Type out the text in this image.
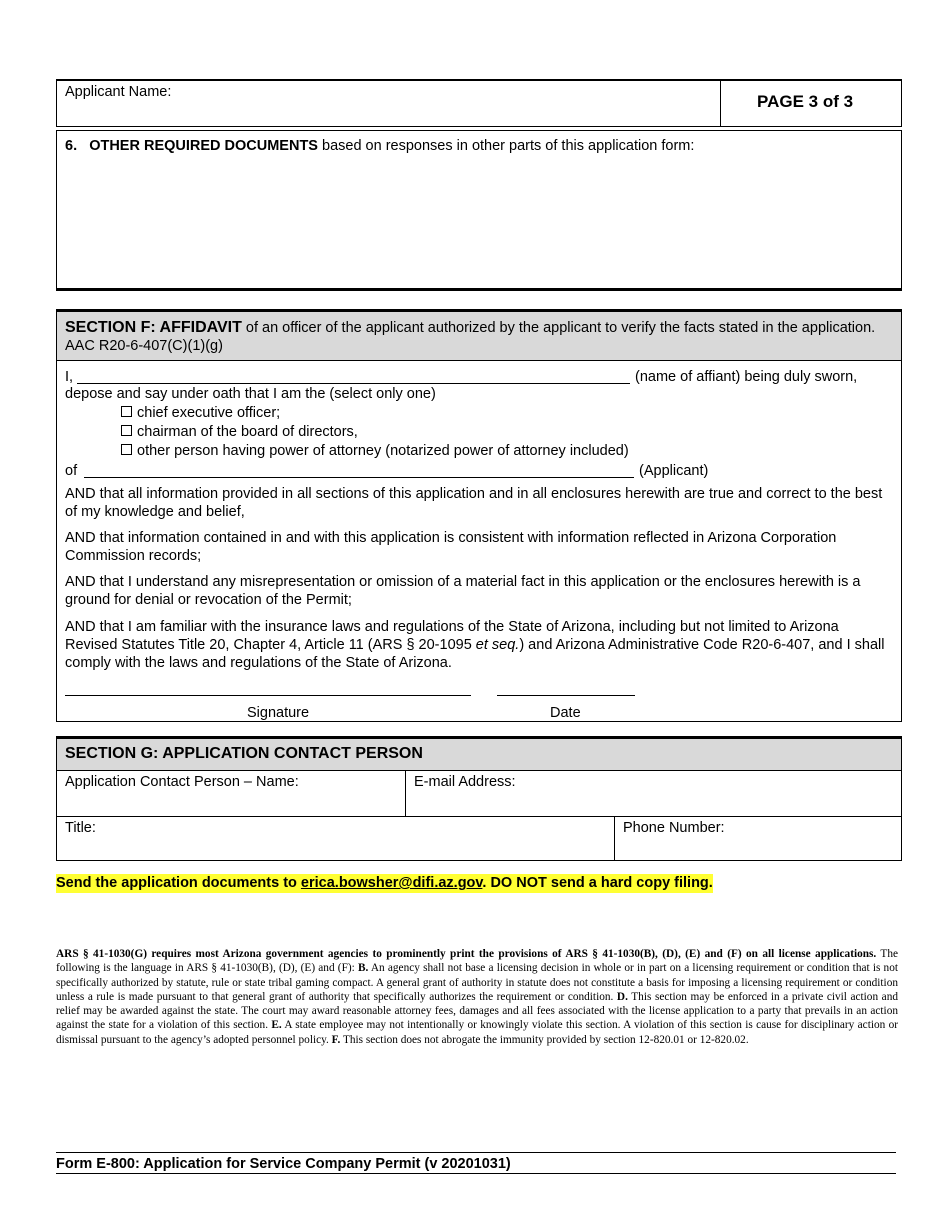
Applicant Name:	PAGE 3 of 3
6. OTHER REQUIRED DOCUMENTS based on responses in other parts of this application form:
SECTION F: AFFIDAVIT of an officer of the applicant authorized by the applicant to verify the facts stated in the application. AAC R20-6-407(C)(1)(g)
I,	(name of affiant) being duly sworn,
depose and say under oath that I am the (select only one)
chief executive officer;
chairman of the board of directors,
other person having power of attorney (notarized power of attorney included)
of	(Applicant)
AND that all information provided in all sections of this application and in all enclosures herewith are true and correct to the best of my knowledge and belief,
AND that information contained in and with this application is consistent with information reflected in Arizona Corporation Commission records;
AND that I understand any misrepresentation or omission of a material fact in this application or the enclosures herewith is a ground for denial or revocation of the Permit;
AND that I am familiar with the insurance laws and regulations of the State of Arizona, including but not limited to Arizona Revised Statutes Title 20, Chapter 4, Article 11 (ARS § 20-1095 et seq.) and Arizona Administrative Code R20-6-407, and I shall comply with the laws and regulations of the State of Arizona.
Signature	Date
SECTION G: APPLICATION CONTACT PERSON
Application Contact Person – Name:	E-mail Address:
Title:	Phone Number:
Send the application documents to erica.bowsher@difi.az.gov. DO NOT send a hard copy filing.
ARS § 41-1030(G) requires most Arizona government agencies to prominently print the provisions of ARS § 41-1030(B), (D), (E) and (F) on all license applications. The following is the language in ARS § 41-1030(B), (D), (E) and (F): B. An agency shall not base a licensing decision in whole or in part on a licensing requirement or condition that is not specifically authorized by statute, rule or state tribal gaming compact. A general grant of authority in statute does not constitute a basis for imposing a licensing requirement or condition unless a rule is made pursuant to that general grant of authority that specifically authorizes the requirement or condition. D. This section may be enforced in a private civil action and relief may be awarded against the state. The court may award reasonable attorney fees, damages and all fees associated with the license application to a party that prevails in an action against the state for a violation of this section. E. A state employee may not intentionally or knowingly violate this section. A violation of this section is cause for disciplinary action or dismissal pursuant to the agency’s adopted personnel policy. F. This section does not abrogate the immunity provided by section 12-820.01 or 12-820.02.
Form E-800: Application for Service Company Permit (v 20201031)
